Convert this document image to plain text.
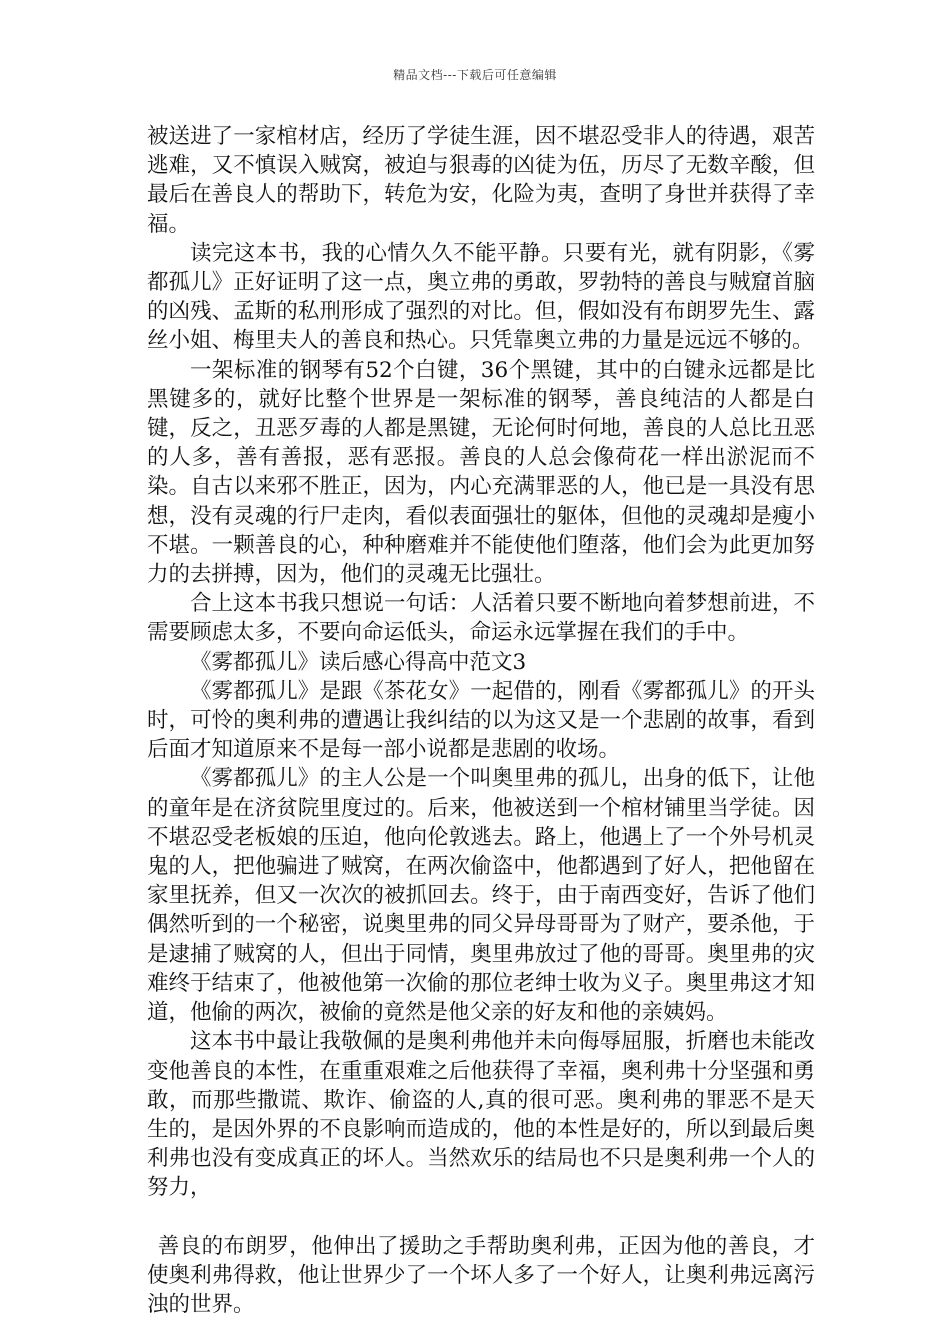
精品文档---下载后可任意编辑

被送进了一家棺材店，经历了学徒生涯，因不堪忍受非人的待遇，艰苦逃难，又不慎误入贼窝，被迫与狠毒的凶徒为伍，历尽了无数辛酸，但最后在善良人的帮助下，转危为安，化险为夷，查明了身世并获得了幸福。

读完这本书，我的心情久久不能平静。只要有光，就有阴影，《雾都孤儿》正好证明了这一点，奥立弗的勇敢，罗勃特的善良与贼窟首脑的凶残、孟斯的私刑形成了强烈的对比。但，假如没有布朗罗先生、露丝小姐、梅里夫人的善良和热心。只凭靠奥立弗的力量是远远不够的。

一架标准的钢琴有52个白键，36个黑键，其中的白键永远都是比黑键多的，就好比整个世界是一架标准的钢琴，善良纯洁的人都是白键，反之，丑恶歹毒的人都是黑键，无论何时何地，善良的人总比丑恶的人多，善有善报，恶有恶报。善良的人总会像荷花一样出淤泥而不染。自古以来邪不胜正，因为，内心充满罪恶的人，他已是一具没有思想，没有灵魂的行尸走肉，看似表面强壮的躯体，但他的灵魂却是瘦小不堪。一颗善良的心，种种磨难并不能使他们堕落，他们会为此更加努力的去拼搏，因为，他们的灵魂无比强壮。

合上这本书我只想说一句话：人活着只要不断地向着梦想前进，不需要顾虑太多，不要向命运低头，命运永远掌握在我们的手中。

《雾都孤儿》读后感心得高中范文3

《雾都孤儿》是跟《茶花女》一起借的，刚看《雾都孤儿》的开头时，可怜的奥利弗的遭遇让我纠结的以为这又是一个悲剧的故事，看到后面才知道原来不是每一部小说都是悲剧的收场。

《雾都孤儿》的主人公是一个叫奥里弗的孤儿，出身的低下，让他的童年是在济贫院里度过的。后来，他被送到一个棺材铺里当学徒。因不堪忍受老板娘的压迫，他向伦敦逃去。路上，他遇上了一个外号机灵鬼的人，把他骗进了贼窝，在两次偷盗中，他都遇到了好人，把他留在家里抚养，但又一次次的被抓回去。终于，由于南西变好，告诉了他们偶然听到的一个秘密，说奥里弗的同父异母哥哥为了财产，要杀他，于是逮捕了贼窝的人，但出于同情，奥里弗放过了他的哥哥。奥里弗的灾难终于结束了，他被他第一次偷的那位老绅士收为义子。奥里弗这才知道，他偷的两次，被偷的竟然是他父亲的好友和他的亲姨妈。

这本书中最让我敬佩的是奥利弗他并未向侮辱屈服，折磨也未能改变他善良的本性，在重重艰难之后他获得了幸福，奥利弗十分坚强和勇敢，而那些撒谎、欺诈、偷盗的人,真的很可恶。奥利弗的罪恶不是天生的，是因外界的不良影响而造成的，他的本性是好的，所以到最后奥利弗也没有变成真正的坏人。当然欢乐的结局也不只是奥利弗一个人的努力，

善良的布朗罗，他伸出了援助之手帮助奥利弗，正因为他的善良，才使奥利弗得救，他让世界少了一个坏人多了一个好人，让奥利弗远离污浊的世界。
